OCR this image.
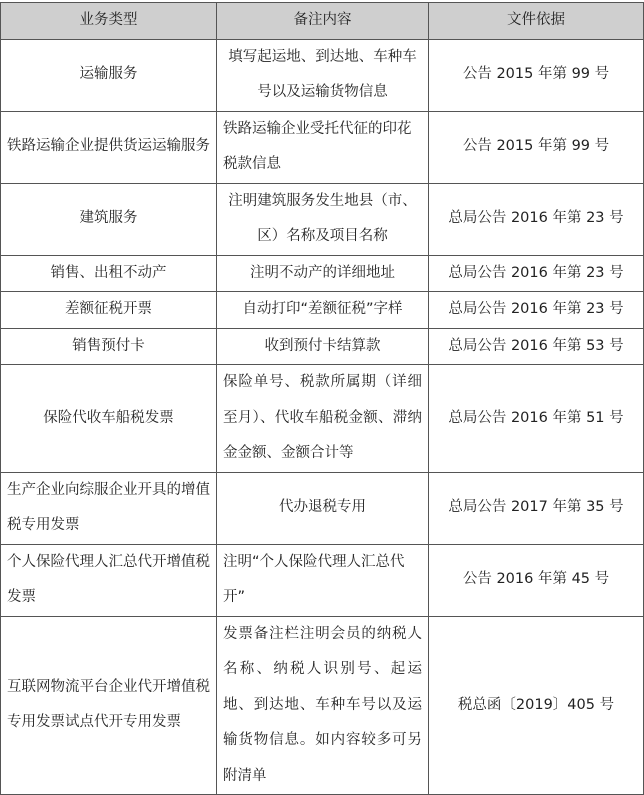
业务类型	备注内容	文件依据
运输服务	填写起运地、到达地、车种车号以及运输货物信息	公告 2015 年第 99 号
铁路运输企业提供货运运输服务	铁路运输企业受托代征的印花税款信息	公告 2015 年第 99 号
建筑服务	注明建筑服务发生地县（市、区）名称及项目名称	总局公告 2016 年第 23 号
销售、出租不动产	注明不动产的详细地址	总局公告 2016 年第 23 号
差额征税开票	自动打印“差额征税”字样	总局公告 2016 年第 23 号
销售预付卡	收到预付卡结算款	总局公告 2016 年第 53 号
保险代收车船税发票	保险单号、税款所属期（详细至月）、代收车船税金额、滞纳金金额、金额合计等	总局公告 2016 年第 51 号
生产企业向综服企业开具的增值税专用发票	代办退税专用	总局公告 2017 年第 35 号
个人保险代理人汇总代开增值税发票	注明“个人保险代理人汇总代开”	公告 2016 年第 45 号
互联网物流平台企业代开增值税专用发票试点代开专用发票	发票备注栏注明会员的纳税人名称、纳税人识别号、起运地、到达地、车种车号以及运输货物信息。如内容较多可另附清单	税总函〔2019〕405 号
